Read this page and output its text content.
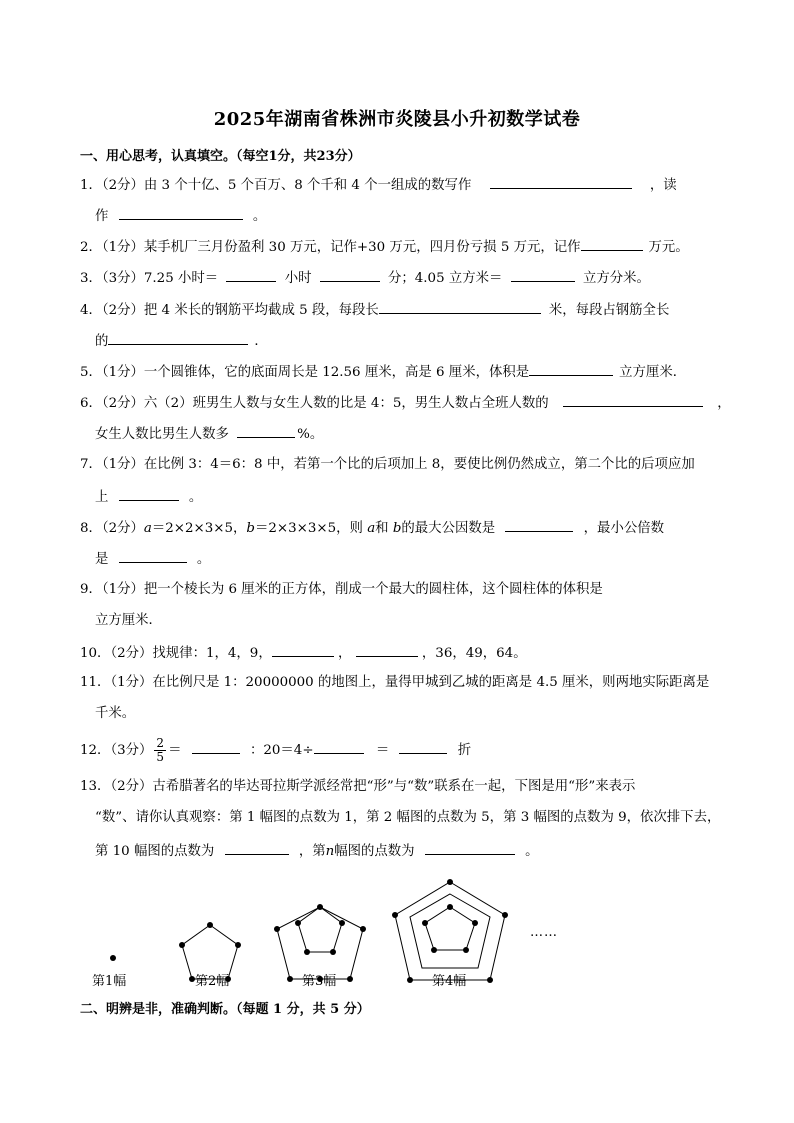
2025年湖南省株洲市炎陵县小升初数学试卷
一、用心思考，认真填空。（每空1分，共23分）
1．（2分）由 3 个十亿、5 个百万、8 个千和 4 个一组成的数写作	，读
作	。
2．（1分）某手机厂三月份盈利 30 万元，记作+30 万元，四月份亏损 5 万元，记作	万元。
3．（3分）7.25 小时＝	小时	分；4.05 立方米＝	立方分米。
4．（2分）把 4 米长的钢筋平均截成 5 段，每段长	米，每段占钢筋全长
的	．
5．（1分）一个圆锥体，它的底面周长是 12.56 厘米，高是 6 厘米，体积是	立方厘米．
6．（2分）六（2）班男生人数与女生人数的比是 4：5，男生人数占全班人数的	，
女生人数比男生人数多	%。
7．（1分）在比例 3：4＝6：8 中，若第一个比的后项加上 8，要使比例仍然成立，第二个比的后项应加
上	。
8．（2分）a＝2×2×3×5，b＝2×3×3×5，则 a和 b的最大公因数是	，最小公倍数
是	。
9．（1分）把一个棱长为 6 厘米的正方体，削成一个最大的圆柱体，这个圆柱体的体积是
立方厘米．
10．（2分）找规律：1，4，9，	，	，36，49，64。
11．（1分）在比例尺是 1：20000000 的地图上，量得甲城到乙城的距离是 4.5 厘米，则两地实际距离是
千米。
12．（3分） $\frac{2}{5}$ ＝	：20＝4÷	＝	折
13．（2分）古希腊著名的毕达哥拉斯学派经常把“形”与“数”联系在一起，下图是用“形”来表示
“数”、请你认真观察：第 1 幅图的点数为 1，第 2 幅图的点数为 5，第 3 幅图的点数为 9，依次排下去，
第 10 幅图的点数为	，第n幅图的点数为	。
……
第1幅	第2幅	第3幅	第4幅
二、明辨是非，准确判断。（每题 1 分，共 5 分）
